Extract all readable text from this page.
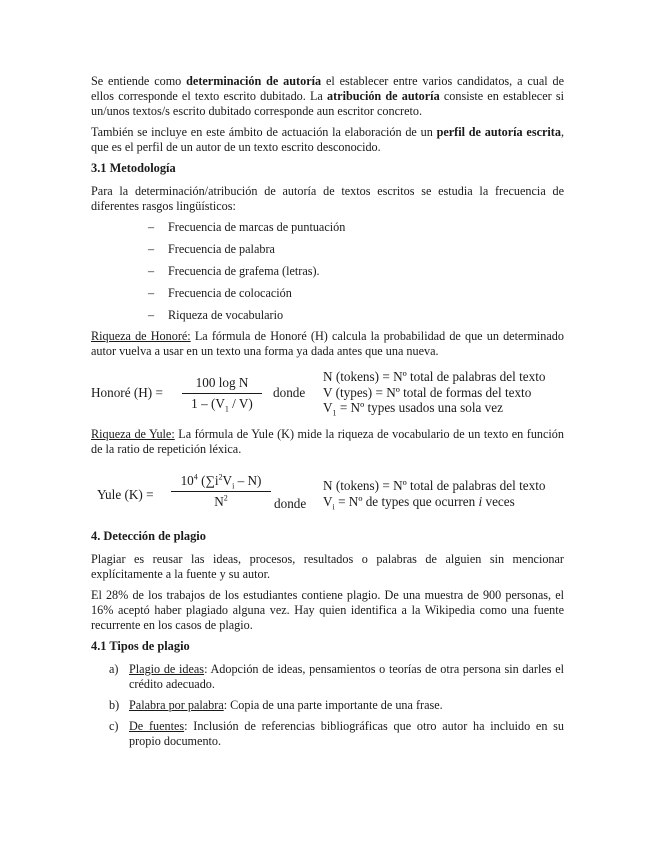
Se entiende como determinación de autoría el establecer entre varios candidatos, a cual de ellos corresponde el texto escrito dubitado. La atribución de autoría consiste en establecer si un/unos textos/s escrito dubitado corresponde aun escritor concreto.

También se incluye en este ámbito de actuación la elaboración de un perfil de autoría escrita, que es el perfil de un autor de un texto escrito desconocido.

3.1 Metodología

Para la determinación/atribución de autoría de textos escritos se estudia la frecuencia de diferentes rasgos lingüísticos:

– Frecuencia de marcas de puntuación
– Frecuencia de palabra
– Frecuencia de grafema (letras).
– Frecuencia de colocación
– Riqueza de vocabulario

Riqueza de Honoré: La fórmula de Honoré (H) calcula la probabilidad de que un determinado autor vuelva a usar en un texto una forma ya dada antes que una nueva.

Honoré $(H) = \frac{\text{100 log N}}{1 - (V_1 / V)}$ donde
N (tokens) = Nº total de palabras del texto
V (types) = Nº total de formas del texto
$V_1$ = Nº types usados una sola vez

Riqueza de Yule: La fórmula de Yule (K) mide la riqueza de vocabulario de un texto en función de la ratio de repetición léxica.

Yule $(K) = \frac{10^4 (\sum i^2V_i - N)}{N^2}$ donde
N (tokens) = Nº total de palabras del texto
$V_i$ = Nº de types que ocurren i veces
4. Detección de plagio

Plagiar es reusar las ideas, procesos, resultados o palabras de alguien sin mencionar explícitamente a la fuente y su autor.

El 28% de los trabajos de los estudiantes contiene plagio. De una muestra de 900 personas, el 16% aceptó haber plagiado alguna vez. Hay quien identifica a la Wikipedia como una fuente recurrente en los casos de plagio.

4.1 Tipos de plagio
a) Plagio de ideas: Adopción de ideas, pensamientos o teorías de otra persona sin darles el crédito adecuado.
b) Palabra por palabra: Copia de una parte importante de una frase.
c) De fuentes: Inclusión de referencias bibliográficas que otro autor ha incluido en su propio documento.
